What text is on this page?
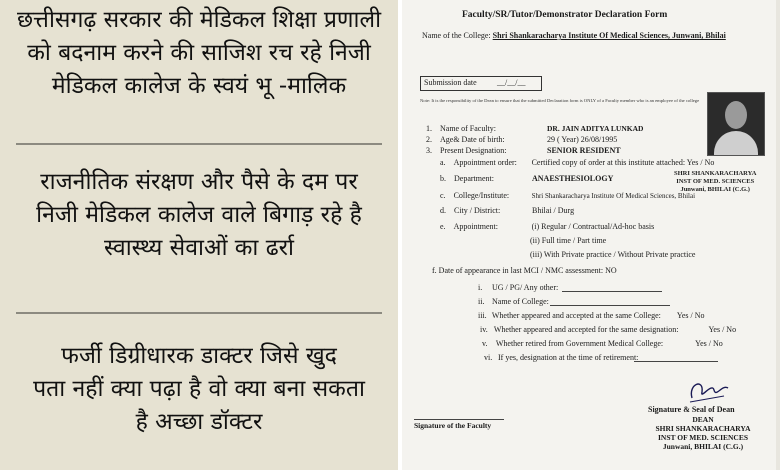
छत्तीसगढ़ सरकार की मेडिकल शिक्षा प्रणाली
को बदनाम करने की साजिश रच रहे निजी
मेडिकल कालेज के स्वयं भू -मालिक
राजनीतिक संरक्षण और पैसे के दम पर
निजी मेडिकल कालेज वाले बिगाड़ रहे है
स्वास्थ्य सेवाओं का ढर्रा
फर्जी डिग्रीधारक डाक्टर जिसे खुद
पता नहीं क्या पढ़ा है वो क्या बना सकता
है अच्छा डॉक्टर
Faculty/SR/Tutor/Demonstrator Declaration Form
Name of the College: Shri Shankaracharya Institute Of Medical Sciences, Junwani, Bhilai
Submission date	__/__/__
Note: It is the responsibility of the Dean to ensure that the submitted Declaration form is ONLY of a Faculty member who is an employee of the college
SHRI SHANKARACHARYA
INST OF MED. SCIENCES
Junwani, BHILAI (C.G.)
1. Name of Faculty:	DR. JAIN ADITYA LUNKAD
2. Age& Date of birth:	29 ( Year) 26/08/1995
3. Present Designation:	SENIOR RESIDENT
a. Appointment order: Certified copy of order at this institute attached: Yes / No
b. Department:	ANAESTHESIOLOGY
c. College/Institute:	Shri Shankaracharya Institute Of Medical Sciences, Bhilai
d. City / District:	Bhilai / Durg
e. Appointment:	(i) Regular / Contractual/Ad-hoc basis
(ii) Full time / Part time
(iii) With Private practice / Without Private practice
f. Date of appearance in last MCI / NMC assessment: NO
i. UG / PG/ Any other:
ii. Name of College:
iii. Whether appeared and accepted at the same College: Yes / No
iv. Whether appeared and accepted for the same designation:	Yes / No
v. Whether retired from Government Medical College:	Yes / No
vi. If yes, designation at the time of retirement:
Signature of the Faculty
Signature & Seal of Dean
DEAN
SHRI SHANKARACHARYA
INST OF MED. SCIENCES
Junwani, BHILAI (C.G.)
